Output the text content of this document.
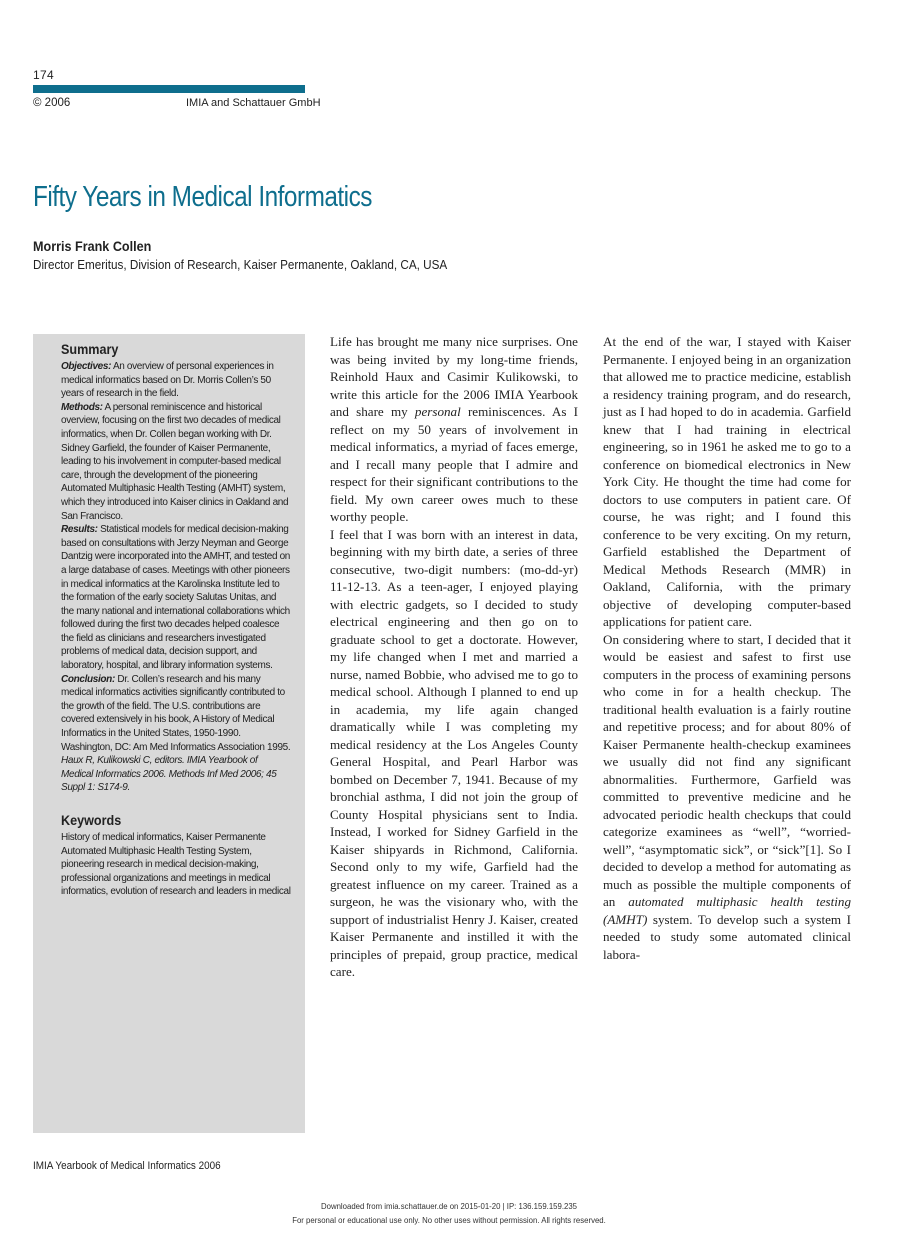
174
© 2006	IMIA and Schattauer GmbH
Fifty Years in Medical Informatics
Morris Frank Collen
Director Emeritus, Division of Research, Kaiser Permanente, Oakland, CA, USA
Summary

Objectives: An overview of personal experiences in medical informatics based on Dr. Morris Collen’s 50 years of research in the field.

Methods: A personal reminiscence and historical overview, focusing on the first two decades of medical informatics, when Dr. Collen began working with Dr. Sidney Garfield, the founder of Kaiser Permanente, leading to his involvement in computer-based medical care, through the development of the pioneering Automated Multiphasic Health Testing (AMHT) system, which they introduced into Kaiser clinics in Oakland and San Francisco.

Results: Statistical models for medical decision-making based on consultations with Jerzy Neyman and George Dantzig were incorporated into the AMHT, and tested on a large database of cases. Meetings with other pioneers in medical informatics at the Karolinska Institute led to the formation of the early society Salutas Unitas, and the many national and international collaborations which followed during the first two decades helped coalesce the field as clinicians and researchers investigated problems of medical data, decision support, and laboratory, hospital, and library information systems.

Conclusion: Dr. Collen’s research and his many medical informatics activities significantly contributed to the growth of the field. The U.S. contributions are covered extensively in his book, A History of Medical Informatics in the United States, 1950-1990. Washington, DC: Am Med Informatics Association 1995.

Haux R, Kulikowski C, editors. IMIA Yearbook of Medical Informatics 2006. Methods Inf Med 2006; 45 Suppl 1: S174-9.

Keywords

History of medical informatics, Kaiser Permanente Automated Multiphasic Health Testing System, pioneering research in medical decision-making, professional organizations and meetings in medical informatics, evolution of research and leaders in medical

Life has brought me many nice surprises. One was being invited by my long-time friends, Reinhold Haux and Casimir Kulikowski, to write this article for the 2006 IMIA Yearbook and share my personal reminiscences. As I reflect on my 50 years of involvement in medical informatics, a myriad of faces emerge, and I recall many people that I admire and respect for their significant contributions to the field. My own career owes much to these worthy people.

I feel that I was born with an interest in data, beginning with my birth date, a series of three consecutive, two-digit numbers: (mo-dd-yr) 11-12-13. As a teen-ager, I enjoyed playing with electric gadgets, so I decided to study electrical engineering and then go on to graduate school to get a doctorate. However, my life changed when I met and married a nurse, named Bobbie, who advised me to go to medical school. Although I planned to end up in academia, my life again changed dramatically while I was completing my medical residency at the Los Angeles County General Hospital, and Pearl Harbor was bombed on December 7, 1941. Because of my bronchial asthma, I did not join the group of County Hospital physicians sent to India. Instead, I worked for Sidney Garfield in the Kaiser shipyards in Richmond, California. Second only to my wife, Garfield had the greatest influence on my career. Trained as a surgeon, he was the visionary who, with the support of industrialist Henry J. Kaiser, created Kaiser Permanente and instilled it with the principles of prepaid, group practice, medical care.

At the end of the war, I stayed with Kaiser Permanente. I enjoyed being in an organization that allowed me to practice medicine, establish a residency training program, and do research, just as I had hoped to do in academia. Garfield knew that I had training in electrical engineering, so in 1961 he asked me to go to a conference on biomedical electronics in New York City. He thought the time had come for doctors to use computers in patient care. Of course, he was right; and I found this conference to be very exciting. On my return, Garfield established the Department of Medical Methods Research (MMR) in Oakland, California, with the primary objective of developing computer-based applications for patient care.

On considering where to start, I decided that it would be easiest and safest to first use computers in the process of examining persons who come in for a health checkup. The traditional health evaluation is a fairly routine and repetitive process; and for about 80% of Kaiser Permanente health-checkup examinees we usually did not find any significant abnormalities. Furthermore, Garfield was committed to preventive medicine and he advocated periodic health checkups that could categorize examinees as “well”, “worried-well”, “asymptomatic sick”, or “sick”[1]. So I decided to develop a method for automating as much as possible the multiple components of an automated multiphasic health testing (AMHT) system. To develop such a system I needed to study some automated clinical labora-

IMIA Yearbook of Medical Informatics 2006
Downloaded from imia.schattauer.de on 2015-01-20 | IP: 136.159.159.235
For personal or educational use only. No other uses without permission. All rights reserved.
